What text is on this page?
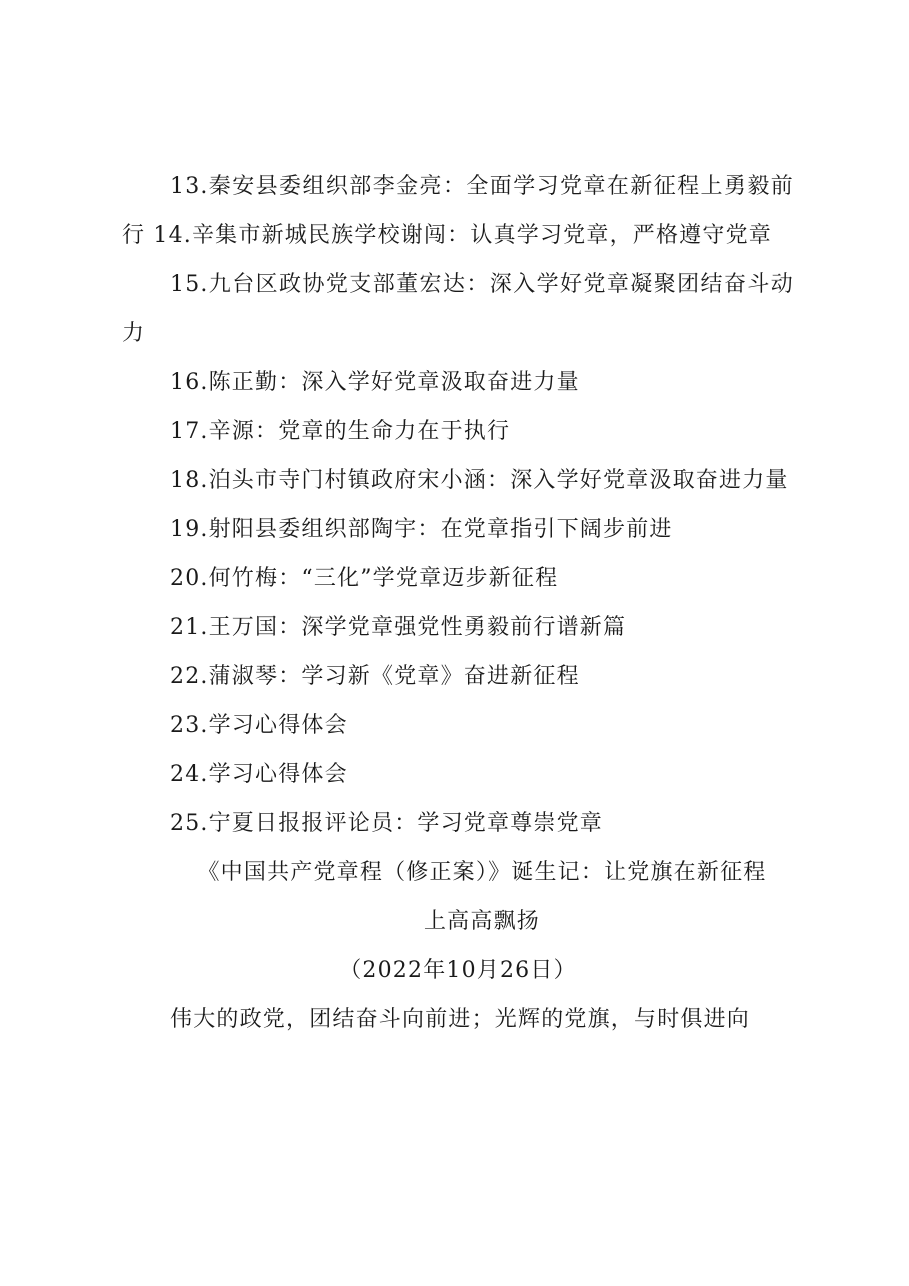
13.秦安县委组织部李金亮：全面学习党章在新征程上勇毅前行 14.辛集市新城民族学校谢闯：认真学习党章，严格遵守党章

15.九台区政协党支部董宏达：深入学好党章凝聚团结奋斗动力

16.陈正勤：深入学好党章汲取奋进力量

17.辛源：党章的生命力在于执行

18.泊头市寺门村镇政府宋小涵：深入学好党章汲取奋进力量

19.射阳县委组织部陶宇：在党章指引下阔步前进

20.何竹梅：“三化”学党章迈步新征程

21.王万国：深学党章强党性勇毅前行谱新篇

22.蒲淑琴：学习新《党章》奋进新征程

23.学习心得体会

24.学习心得体会

25.宁夏日报报评论员：学习党章尊崇党章

《中国共产党章程（修正案）》诞生记：让党旗在新征程

上高高飘扬

（2022年10月26日）

伟大的政党，团结奋斗向前进；光辉的党旗，与时俱进向
